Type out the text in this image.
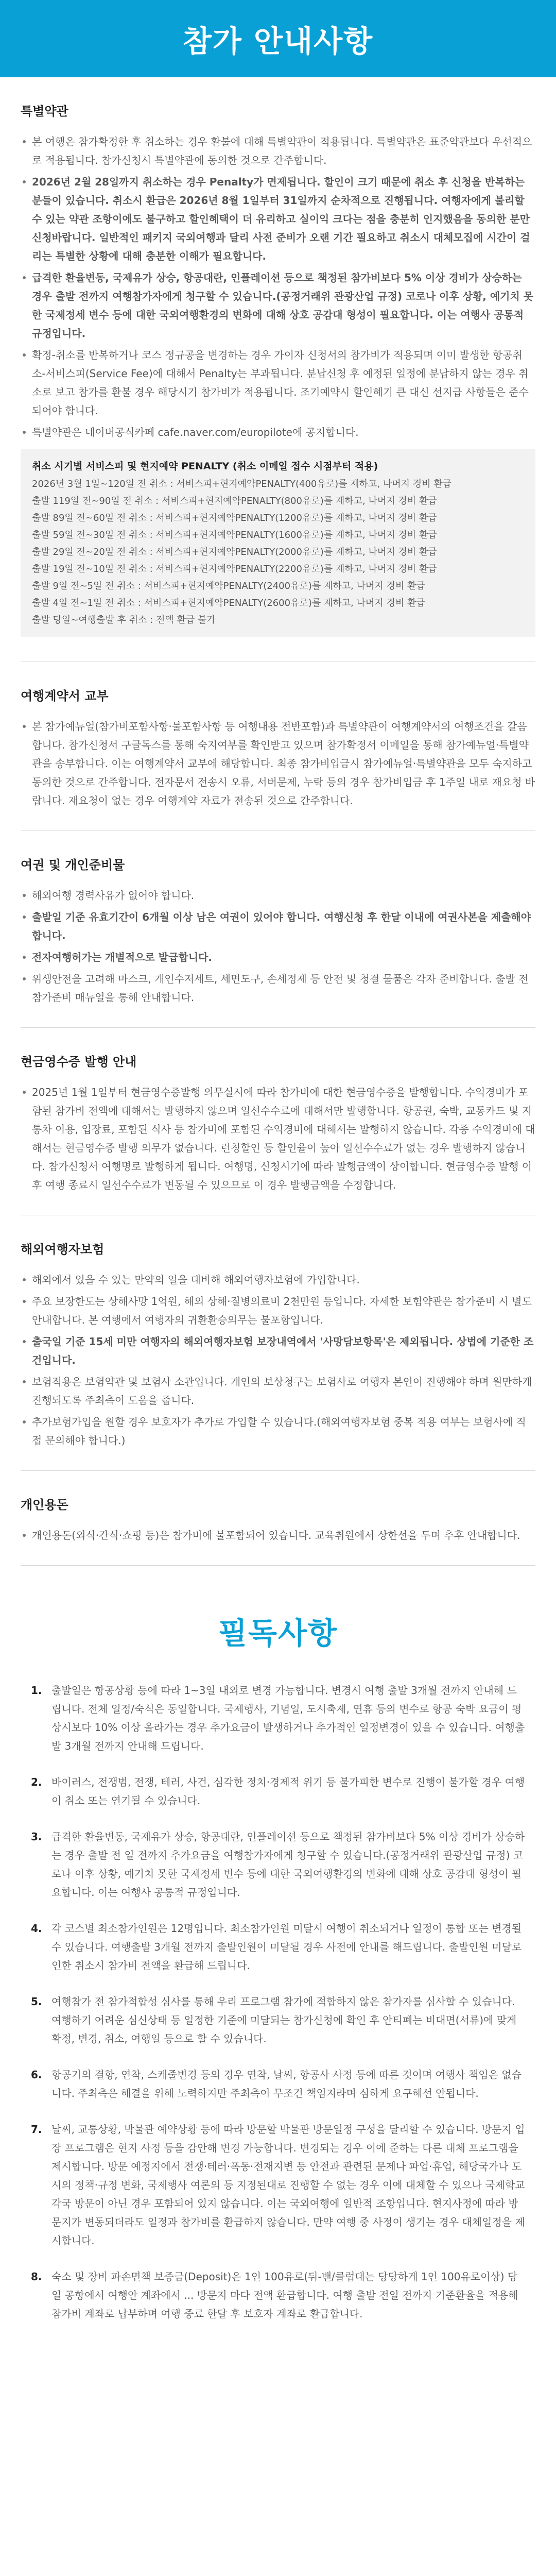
참가 안내사항
특별약관
본 여행은 참가확정한 후 취소하는 경우 환불에 대해 특별약관이 적용됩니다. 특별약관은 표준약관보다 우선적으로 적용됩니다. 참가신청시 특별약관에 동의한 것으로 간주합니다.
2026년 2월 28일까지 취소하는 경우 Penalty가 면제됩니다. 할인이 크기 때문에 취소 후 신청을 반복하는 분들이 있습니다. 취소시 환급은 2026년 8월 1일부터 31일까지 순차적으로 진행됩니다. 여행자에게 불리할 수 있는 약관 조항이에도 불구하고 할인혜택이 더 유리하고 실이익 크다는 점을 충분히 인지했음을 동의한 분만 신청바랍니다. 일반적인 패키지 국외여행과 달리 사전 준비가 오랜 기간 필요하고 취소시 대체모집에 시간이 걸리는 특별한 상황에 대해 충분한 이해가 필요합니다.
급격한 환율변동, 국제유가 상승, 항공대란, 인플레이션 등으로 책정된 참가비보다 5% 이상 경비가 상승하는 경우 출발 전까지 여행참가자에게 청구할 수 있습니다.(공정거래위 관광산업 규정) 코로나 이후 상황, 예기치 못한 국제정세 변수 등에 대한 국외여행환경의 변화에 대해 상호 공감대 형성이 필요합니다. 이는 여행사 공통적 규정입니다.
확정-취소를 반복하거나 코스 정규공을 변경하는 경우 가이자 신청서의 참가비가 적용되며 이미 발생한 항공취소-서비스피(Service Fee)에 대해서 Penalty는 부과됩니다. 분납신청 후 예정된 일정에 분납하지 않는 경우 취소로 보고 참가를 환불 경우 해당시기 참가비가 적용됩니다. 조기예약시 할인혜기 큰 대신 선지급 사항들은 준수되어야 합니다.
특별약관은 네이버공식카페 cafe.naver.com/europilote에 공지합니다.
취소 시기별 서비스피 및 현지예약 PENALTY (취소 이메일 접수 시점부터 적용)
2026년 3월 1일~120일 전 취소 : 서비스피+현지예약PENALTY(400유로)를 제하고, 나머지 경비 환급
출발 119일 전~90일 전 취소 : 서비스피+현지예약PENALTY(800유로)를 제하고, 나머지 경비 환급
출발 89일 전~60일 전 취소 : 서비스피+현지예약PENALTY(1200유로)를 제하고, 나머지 경비 환급
출발 59일 전~30일 전 취소 : 서비스피+현지예약PENALTY(1600유로)를 제하고, 나머지 경비 환급
출발 29일 전~20일 전 취소 : 서비스피+현지예약PENALTY(2000유로)를 제하고, 나머지 경비 환급
출발 19일 전~10일 전 취소 : 서비스피+현지예약PENALTY(2200유로)를 제하고, 나머지 경비 환급
출발 9일 전~5일 전 취소 : 서비스피+현지예약PENALTY(2400유로)를 제하고, 나머지 경비 환급
출발 4일 전~1일 전 취소 : 서비스피+현지예약PENALTY(2600유로)를 제하고, 나머지 경비 환급
출발 당일~여행출발 후 취소 : 전액 환급 불가
여행계약서 교부
본 참가예뉴얼(참가비포함사항·불포함사항 등 여행내용 전반포함)과 특별약관이 여행계약서의 여행조건을 갈음합니다. 참가신청서 구글독스를 통해 숙지여부를 확인받고 있으며 참가확정서 이메일을 통해 참가예뉴얼·특별약관을 송부합니다. 이는 여행계약서 교부에 해당합니다. 최종 참가비입금시 참가예뉴얼·특별약관을 모두 숙지하고 동의한 것으로 간주합니다. 전자문서 전송시 오류, 서버문제, 누락 등의 경우 참가비입금 후 1주일 내로 재요청 바랍니다. 재요청이 없는 경우 여행계약 자료가 전송된 것으로 간주합니다.
여권 및 개인준비물
해외여행 경력사유가 없어야 합니다.
출발일 기준 유효기간이 6개월 이상 남은 여권이 있어야 합니다. 여행신청 후 한달 이내에 여권사본을 제출해야 합니다.
전자여행허가는 개별적으로 발급합니다.
위생안전을 고려해 마스크, 개인수저세트, 세면도구, 손세정제 등 안전 및 청결 물품은 각자 준비합니다. 출발 전 참가준비 매뉴얼을 통해 안내합니다.
현금영수증 발행 안내
2025년 1월 1일부터 현금영수증발행 의무실시에 따라 참가비에 대한 현금영수증을 발행합니다. 수익경비가 포함된 참가비 전액에 대해서는 발행하지 않으며 일선수수료에 대해서만 발행합니다. 항공권, 숙박, 교통카드 및 지통차 이용, 입장료, 포함된 식사 등 참가비에 포함된 수익경비에 대해서는 발행하지 않습니다. 각종 수익경비에 대해서는 현금영수증 발행 의무가 없습니다. 런칭할인 등 할인율이 높아 일선수수료가 없는 경우 발행하지 않습니다. 참가신청서 여행명로 발행하게 됩니다. 여행명, 신청시기에 따라 발행금액이 상이합니다. 현금영수증 발행 이후 여행 종료시 일선수수료가 변동될 수 있으므로 이 경우 발행금액을 수정합니다.
해외여행자보험
해외에서 있을 수 있는 만약의 일을 대비해 해외여행자보험에 가입합니다.
주요 보장한도는 상해사망 1억원, 해외 상해·질병의료비 2천만원 등입니다. 자세한 보험약관은 참가준비 시 별도 안내합니다. 본 여행에서 여행자의 귀환환승의무는 불포함입니다.
출국일 기준 15세 미만 여행자의 해외여행자보험 보장내역에서 '사망담보항목'은 제외됩니다. 상법에 기준한 조건입니다.
보험적용은 보험약관 및 보험사 소관입니다. 개인의 보상청구는 보험사로 여행자 본인이 진행해야 하며 원만하게 진행되도록 주최측이 도움을 줍니다.
추가보험가입을 원할 경우 보호자가 추가로 가입할 수 있습니다.(해외여행자보험 중복 적용 여부는 보험사에 직접 문의해야 합니다.)
개인용돈
개인용돈(외식·간식·쇼핑 등)은 참가비에 불포함되어 있습니다. 교육취원에서 상한선을 두며 추후 안내합니다.
필독사항
1. 출발일은 항공상황 등에 따라 1~3일 내외로 변경 가능합니다. 변경시 여행 출발 3개월 전까지 안내해 드립니다. 전체 일정/숙식은 동일합니다. 국제행사, 기념일, 도시축제, 연휴 등의 변수로 항공 숙박 요금이 평상시보다 10% 이상 올라가는 경우 추가요금이 발생하거나 추가적인 일정변경이 있을 수 있습니다. 여행출발 3개월 전까지 안내해 드립니다.
2. 바이러스, 전쟁범, 전쟁, 테러, 사건, 심각한 정치·경제적 위기 등 불가피한 변수로 진행이 불가할 경우 여행이 취소 또는 연기될 수 있습니다.
3. 급격한 환율변동, 국제유가 상승, 항공대란, 인플레이션 등으로 책정된 참가비보다 5% 이상 경비가 상승하는 경우 출발 전 일 전까지 추가요금을 여행참가자에게 청구할 수 있습니다.(공정거래위 관광산업 규정) 코로나 이후 상황, 예기치 못한 국제정세 변수 등에 대한 국외여행환경의 변화에 대해 상호 공감대 형성이 필요합니다. 이는 여행사 공통적 규정입니다.
4. 각 코스별 최소참가인원은 12명입니다. 최소참가인원 미달시 여행이 취소되거나 일정이 통합 또는 변경될 수 있습니다. 여행출발 3개월 전까지 출발인원이 미달될 경우 사전에 안내를 해드립니다. 출발인원 미달로 인한 취소시 참가비 전액을 환급해 드립니다.
5. 여행참가 전 참가적합성 심사를 통해 우리 프로그램 참가에 적합하지 않은 참가자를 심사할 수 있습니다. 여행하기 어려운 심신상태 등 일정한 기준에 미달되는 참가신청에 확인 후 안티폐는 비대면(서류)에 맞게 확정, 변경, 취소, 여행일 등으로 할 수 있습니다.
6. 항공기의 결항, 연착, 스케줄변경 등의 경우 연착, 날씨, 항공사 사정 등에 따른 것이며 여행사 책임은 없습니다. 주최측은 해결을 위해 노력하지만 주최측이 무조건 책임지라며 심하게 요구해선 안됩니다.
7. 날씨, 교통상황, 박물관 예약상황 등에 따라 방문할 박물관 방문일정 구성을 달리할 수 있습니다. 방문지 입장 프로그램은 현지 사정 등을 감안해 변경 가능합니다. 변경되는 경우 이에 준하는 다른 대체 프로그램을 제시합니다. 방문 예정지에서 전쟁·테러·폭동·전재지변 등 안전과 관련된 문제나 파업·휴업, 해당국가나 도시의 정책·규정 변화, 국제행사 여론의 등 지정된대로 진행할 수 없는 경우 이에 대체할 수 있으나 국제학교 각국 방문이 아닌 경우 포함되어 있지 않습니다. 이는 국외여행에 일반적 조항입니다. 현지사정에 따라 방문지가 변동되더라도 일정과 참가비를 환급하지 않습니다. 만약 여행 중 사정이 생기는 경우 대체일정을 제시합니다.
8. 숙소 및 장비 파손면책 보증금(Deposit)은 1인 100유로(뒤-밴/클럽대는 당당하게 1인 100유로이상) 당일 공항에서 여행안 계좌에서 ... 방문지 마다 전액 환급합니다. 여행 출발 전일 전까지 기준환율을 적용해 참가비 계좌로 납부하며 여행 중료 한달 후 보호자 계좌로 환급합니다.
